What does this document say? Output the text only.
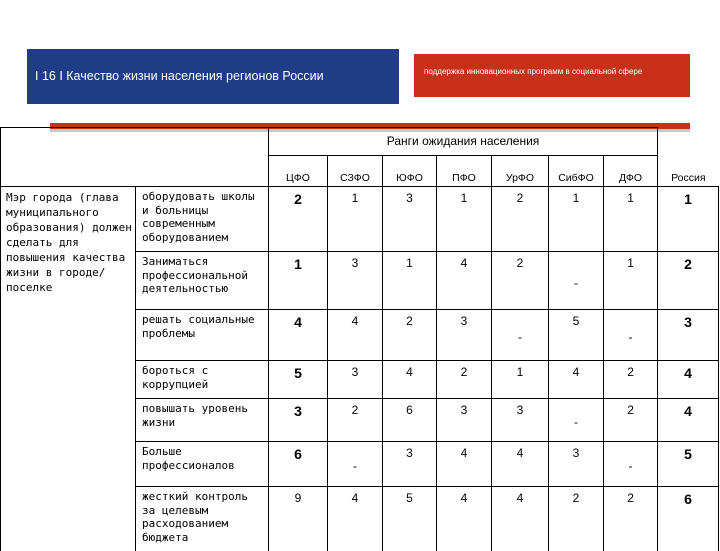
I 16 I Качество жизни населения регионов России	поддержка инновационных программ в социальной сфере
		Ранги ожидания населения							Россия
		ЦФО	СЗФО	ЮФО	ПФО	УрФО	СибФО	ДФО	
Мэр города (глава муниципального образования) должен сделать для повышения качества жизни в городе/поселке	оборудовать школы и больницы современным оборудованием	2	1	3	1	2	1	1	1
	Заниматься профессиональной деятельностью	1	3	1	4	2	-	1	2
	решать социальные проблемы	4	4	2	3	-	5	-	3
	бороться с коррупцией	5	3	4	2	1	4	2	4
	повышать уровень жизни	3	2	6	3	3	-	2	4
	Больше профессионалов	6	-	3	4	4	3	-	5
	жесткий контроль за целевым расходованием бюджета	9	4	5	4	4	2	2	6
